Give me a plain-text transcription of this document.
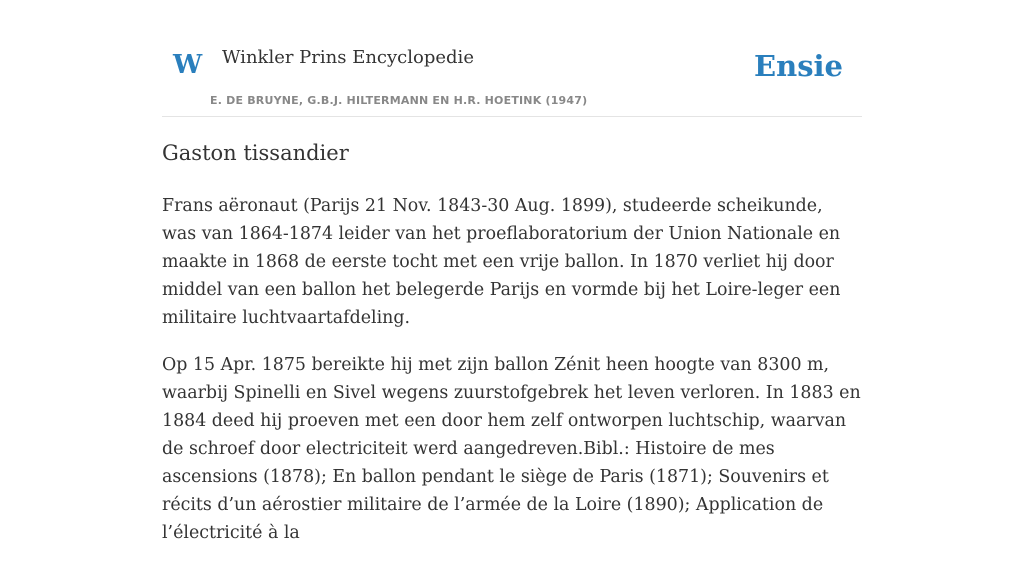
W Winkler Prins Encyclopedie
E. DE BRUYNE, G.B.J. HILTERMANN EN H.R. HOETINK (1947)
Ensie
Gaston tissandier

Frans aëronaut (Parijs 21 Nov. 1843-30 Aug. 1899), studeerde scheikunde, was van 1864-1874 leider van het proeflaboratorium der Union Nationale en maakte in 1868 de eerste tocht met een vrije ballon. In 1870 verliet hij door middel van een ballon het belegerde Parijs en vormde bij het Loire-leger een militaire luchtvaartafdeling.

Op 15 Apr. 1875 bereikte hij met zijn ballon Zénit heen hoogte van 8300 m, waarbij Spinelli en Sivel wegens zuurstofgebrek het leven verloren. In 1883 en 1884 deed hij proeven met een door hem zelf ontworpen luchtschip, waarvan de schroef door electriciteit werd aangedreven.Bibl.: Histoire de mes ascensions (1878); En ballon pendant le siège de Paris (1871); Souvenirs et récits d’un aérostier militaire de l’armée de la Loire (1890); Application de l’électricité à la
